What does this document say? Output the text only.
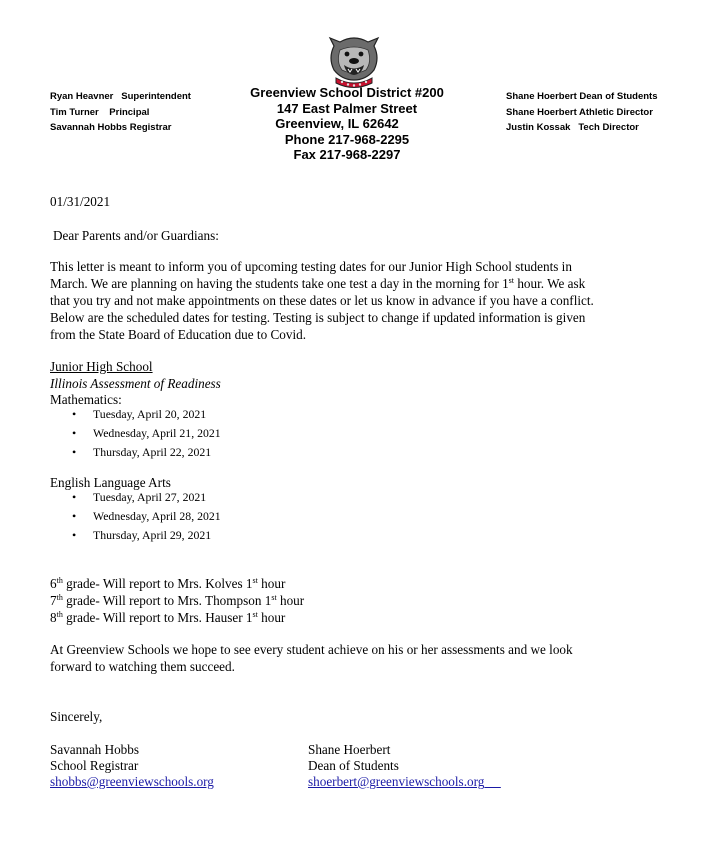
Ryan Heavner   Superintendent
Tim Turner    Principal
Savannah Hobbs Registrar
Greenview School District #200
147 East Palmer Street
Greenview, IL 62642
Phone 217-968-2295
Fax 217-968-2297
Shane Hoerbert Dean of Students
Shane Hoerbert Athletic Director
Justin Kossak   Tech Director
01/31/2021
Dear Parents and/or Guardians:
This letter is meant to inform you of upcoming testing dates for our Junior High School students in
March. We are planning on having the students take one test a day in the morning for 1st hour. We ask
that you try and not make appointments on these dates or let us know in advance if you have a conflict.
Below are the scheduled dates for testing. Testing is subject to change if updated information is given
from the State Board of Education due to Covid.
Junior High School
Illinois Assessment of Readiness
Mathematics:
• Tuesday, April 20, 2021
• Wednesday, April 21, 2021
• Thursday, April 22, 2021
English Language Arts
• Tuesday, April 27, 2021
• Wednesday, April 28, 2021
• Thursday, April 29, 2021
6th grade- Will report to Mrs. Kolves 1st hour
7th grade- Will report to Mrs. Thompson 1st hour
8th grade- Will report to Mrs. Hauser 1st hour
At Greenview Schools we hope to see every student achieve on his or her assessments and we look
forward to watching them succeed.
Sincerely,
Savannah Hobbs
School Registrar
shobbs@greenviewschools.org
Shane Hoerbert
Dean of Students
shoerbert@greenviewschools.org
